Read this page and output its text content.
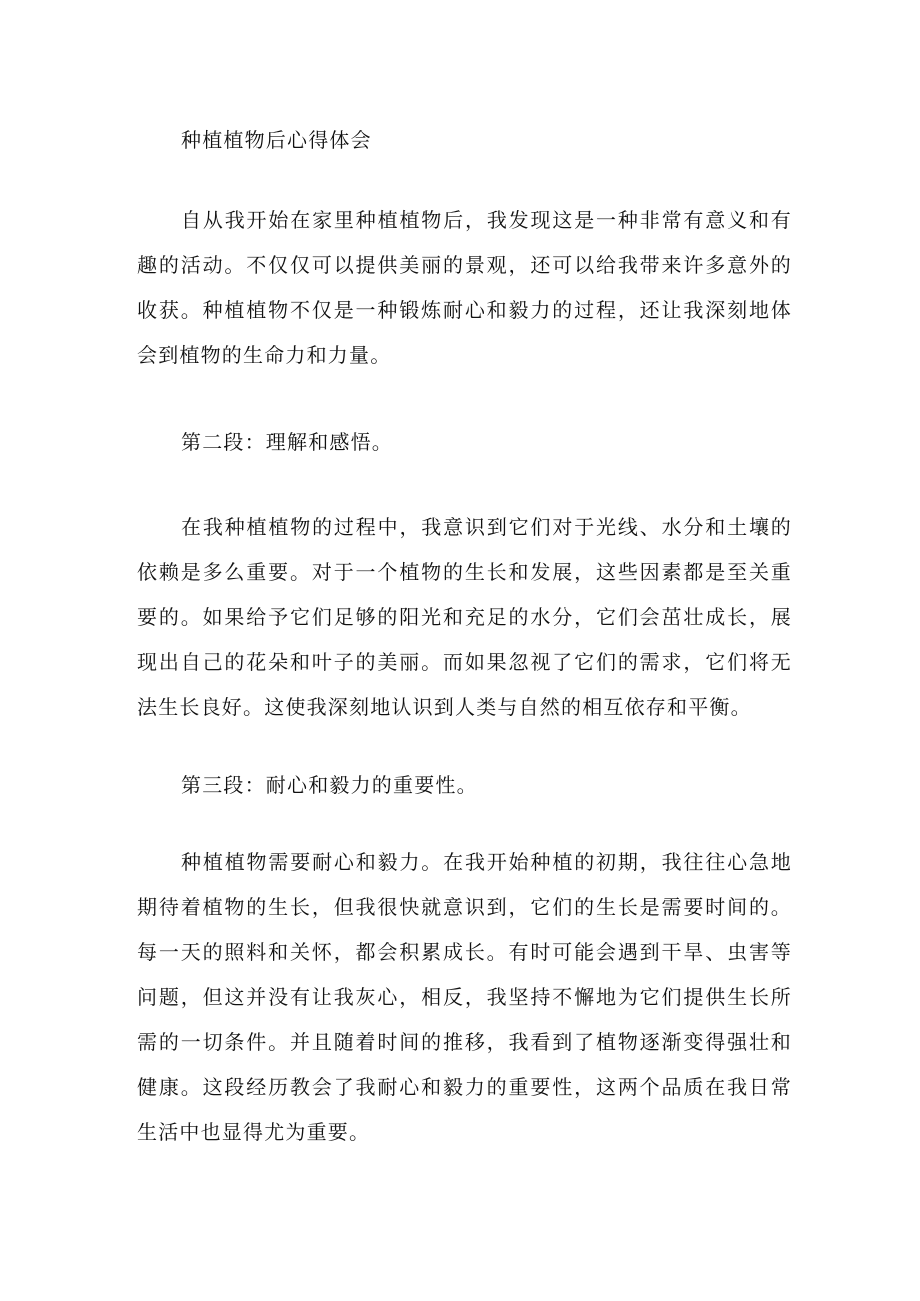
种植植物后心得体会

自从我开始在家里种植植物后，我发现这是一种非常有意义和有趣的活动。不仅仅可以提供美丽的景观，还可以给我带来许多意外的收获。种植植物不仅是一种锻炼耐心和毅力的过程，还让我深刻地体会到植物的生命力和力量。

第二段：理解和感悟。

在我种植植物的过程中，我意识到它们对于光线、水分和土壤的依赖是多么重要。对于一个植物的生长和发展，这些因素都是至关重要的。如果给予它们足够的阳光和充足的水分，它们会茁壮成长，展现出自己的花朵和叶子的美丽。而如果忽视了它们的需求，它们将无法生长良好。这使我深刻地认识到人类与自然的相互依存和平衡。

第三段：耐心和毅力的重要性。

种植植物需要耐心和毅力。在我开始种植的初期，我往往心急地期待着植物的生长，但我很快就意识到，它们的生长是需要时间的。每一天的照料和关怀，都会积累成长。有时可能会遇到干旱、虫害等问题，但这并没有让我灰心，相反，我坚持不懈地为它们提供生长所需的一切条件。并且随着时间的推移，我看到了植物逐渐变得强壮和健康。这段经历教会了我耐心和毅力的重要性，这两个品质在我日常生活中也显得尤为重要。
